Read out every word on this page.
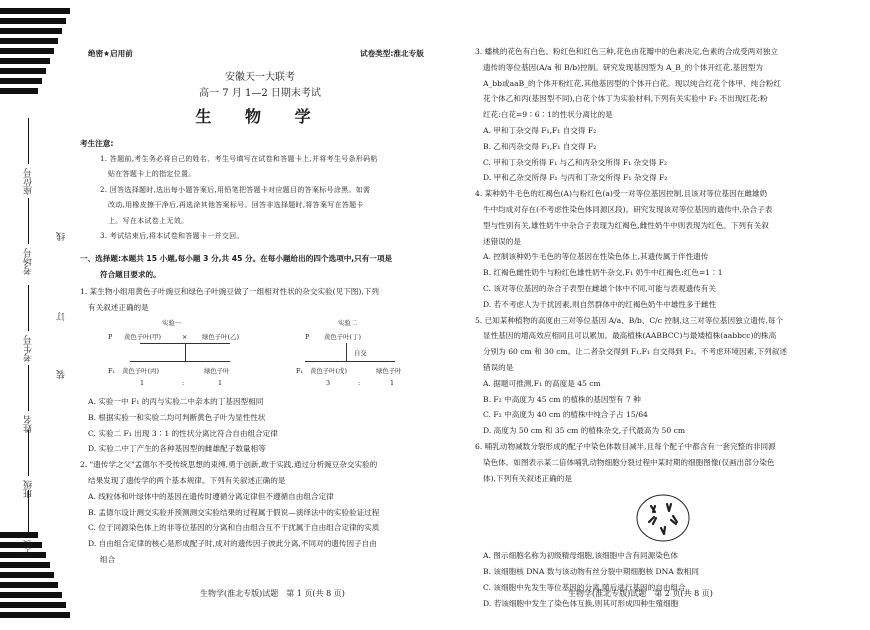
座位号
考场号
考生号
姓名
班级
学校
线
订
装
绝密★启用前	试卷类型:淮北专版
安徽天一大联考
高一 7 月 1—2 日期末考试
生 物 学
考生注意:
1. 答题前,考生务必将自己的姓名、考生号填写在试卷和答题卡上,并将考生号条形码粘
贴在答题卡上的指定位置。
2. 回答选择题时,选出每小题答案后,用铅笔把答题卡对应题目的答案标号涂黑。如需
改动,用橡皮擦干净后,再选涂其他答案标号。回答非选择题时,将答案写在答题卡
上。写在本试卷上无效。
3. 考试结束后,将本试卷和答题卡一并交回。
一、选择题:本题共 15 小题,每小题 3 分,共 45 分。在每小题给出的四个选项中,只有一项是
符合题目要求的。
1. 某生物小组用黄色子叶豌豆和绿色子叶豌豆做了一组相对性状的杂交实验(见下图),下列
有关叙述正确的是
实验一	实验二
P 黄色子叶(甲)	× 绿色子叶(乙)	P 黄色子叶(丁)
自交
F₁ 黄色子叶(丙)	绿色子叶
1	:	1
F₁ 黄色子叶(戊)	绿色子叶
3	:	1
A. 实验一中 F₁ 的丙与实验二中亲本的丁基因型相同
B. 根据实验一和实验二均可判断黄色子叶为显性性状
C. 实验二 F₁ 出现 3∶1 的性状分离比符合自由组合定律
D. 实验二中丁产生的各种基因型的雌雄配子数量相等
2. "遗传学之父"孟德尔不受传统思想的束缚,勇于创新,敢于实践,通过分析豌豆杂交实验的
结果发现了遗传学的两个基本规律。下列有关叙述正确的是
A. 线粒体和叶绿体中的基因在遗传时遵循分离定律但不遵循自由组合定律
B. 孟德尔设计测交实验并预测测交实验结果的过程属于假说—演绎法中的实验验证过程
C. 位于同源染色体上的非等位基因的分离和自由组合互不干扰属于自由组合定律的实质
D. 自由组合定律的核心是形成配子时,成对的遗传因子彼此分离,不同对的遗传因子自由
组合
生物学(淮北专版)试题　第 1 页(共 8 页)
3. 蟠桃的花色有白色、粉红色和红色三种,花色由花瓣中的色素决定,色素的合成受两对独立
遗传的等位基因(A/a 和 B/b)控制。研究发现基因型为 A_B_的个体开红花,基因型为
A_bb或aaB_的个体开粉红花,其他基因型的个体开白花。现以纯合红花个体甲、纯合粉红
花个体乙和丙(基因型不同),白花个体丁为实验材料,下列有关实验中 F₂ 不出现红花:粉
红花:白花=9∶6∶1的性状分离比的是
A. 甲和丁杂交得 F₁,F₁ 自交得 F₂
B. 乙和丙杂交得 F₁,F₁ 自交得 F₂
C. 甲和丁杂交所得 F₁ 与乙和丙杂交所得 F₁ 杂交得 F₂
D. 甲和乙杂交所得 F₁ 与丙和丁杂交所得 F₁ 杂交得 F₂
4. 某种奶牛毛色的红褐色(A)与粉红色(a)受一对等位基因控制,且该对等位基因在雌雄奶
牛中均成对存在(不考虑性染色体同源区段)。研究发现该对等位基因的遗传中,杂合子表
型与性别有关,雄性奶牛中杂合子表现为红褐色,雌性奶牛中则表现为红色。下列有关叙
述错误的是
A. 控制该种奶牛毛色的等位基因在性染色体上,其遗传属于伴性遗传
B. 红褐色雌性奶牛与粉红色雄性奶牛杂交,F₁ 奶牛中红褐色:红色=1∶1
C. 该对等位基因的杂合子表型在雌雄个体中不同,可能与表观遗传有关
D. 若不考虑人为干扰因素,则自然群体中的红褐色奶牛中雄性多于雌性
5. 已知某种植物的高度由三对等位基因 A/a、B/b、C/c 控制,这三对等位基因独立遗传,每个
显性基因的增高效应相同且可以累加。最高植株(AABBCC)与最矮植株(aabbcc)的株高
分别为 60 cm 和 30 cm。让二者杂交得到 F₁,F₁ 自交得到 F₂。不考虑环境因素,下列叙述
错误的是
A. 据题可推测,F₁ 的高度是 45 cm
B. F₂ 中高度为 45 cm 的植株的基因型有 7 种
C. F₂ 中高度为 40 cm 的植株中纯合子占 15/64
D. 高度为 50 cm 和 35 cm 的植株杂交,子代最高为 50 cm
6. 哺乳动物减数分裂形成的配子中染色体数目减半,且每个配子中都含有一套完整的非同源
染色体。如图表示某二倍体哺乳动物细胞分裂过程中某时期的细胞图像(仅画出部分染色
体),下列有关叙述正确的是
A. 图示细胞名称为初级精母细胞,该细胞中含有同源染色体
B. 该细胞核 DNA 数与该动物有丝分裂中期细胞核 DNA 数相同
C. 该细胞中先发生等位基因的分离,随后进行基因的自由组合
D. 若该细胞中发生了染色体互换,则其可形成四种生殖细胞
生物学(淮北专版)试题　第 2 页(共 8 页)
